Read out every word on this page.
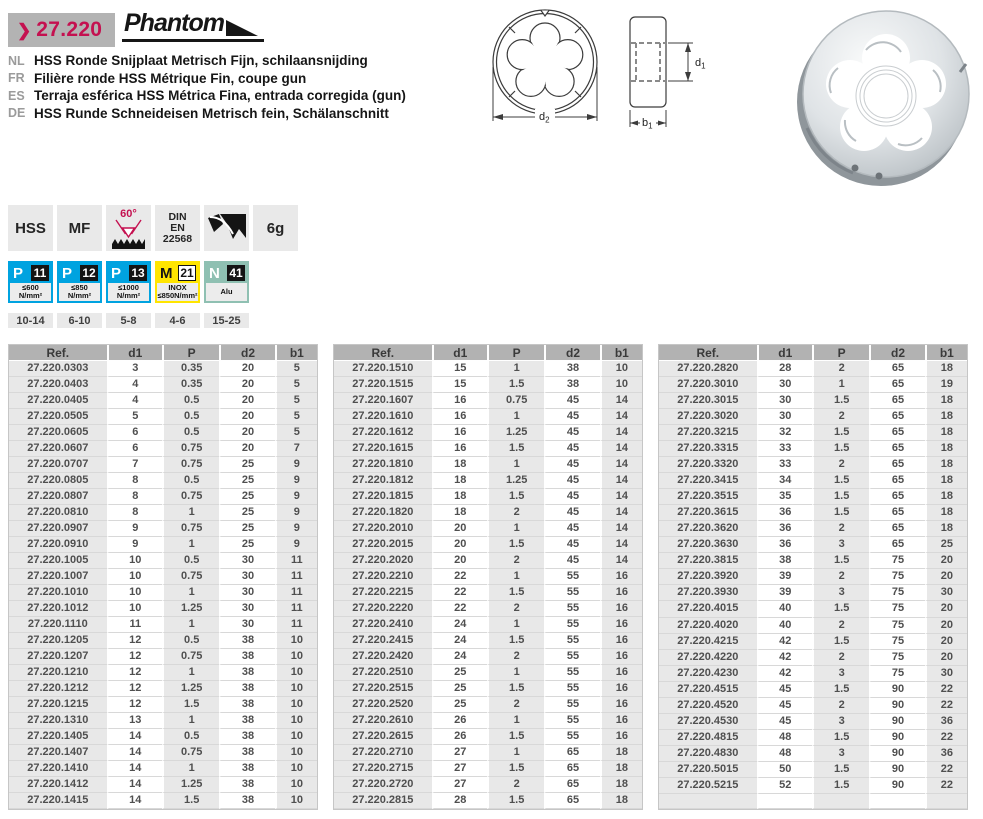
❯ 27.220 Phantom
NL HSS Ronde Snijplaat Metrisch Fijn, schilaansnijding
FR Filière ronde HSS Métrique Fin, coupe gun
ES Terraja esférica HSS Métrica Fina, entrada corregida (gun)
DE HSS Runde Schneideisen Metrisch fein, Schälanschnitt	$d_2$
$d_1$
$b_1$
HSS	MF
60°	DIN
EN
22568
6g
P 11
≤600 N/mm²
P 12
≤850 N/mm²
P 13
≤1000 N/mm²
M 21
INOX ≤850N/mm²
N 41
Alu
10-14	6-10	5-8	4-6	15-25
Ref.	d1	P	d2	b1
27.220.0303	3	0.35	20	5
27.220.0403	4	0.35	20	5
27.220.0405	4	0.5	20	5
27.220.0505	5	0.5	20	5
27.220.0605	6	0.5	20	5
27.220.0607	6	0.75	20	7
27.220.0707	7	0.75	25	9
27.220.0805	8	0.5	25	9
27.220.0807	8	0.75	25	9
27.220.0810	8	1	25	9
27.220.0907	9	0.75	25	9
27.220.0910	9	1	25	9
27.220.1005	10	0.5	30	11
27.220.1007	10	0.75	30	11
27.220.1010	10	1	30	11
27.220.1012	10	1.25	30	11
27.220.1110	11	1	30	11
27.220.1205	12	0.5	38	10
27.220.1207	12	0.75	38	10
27.220.1210	12	1	38	10
27.220.1212	12	1.25	38	10
27.220.1215	12	1.5	38	10
27.220.1310	13	1	38	10
27.220.1405	14	0.5	38	10
27.220.1407	14	0.75	38	10
27.220.1410	14	1	38	10
27.220.1412	14	1.25	38	10
27.220.1415	14	1.5	38	10
Ref.	d1	P	d2	b1
27.220.1510	15	1	38	10
27.220.1515	15	1.5	38	10
27.220.1607	16	0.75	45	14
27.220.1610	16	1	45	14
27.220.1612	16	1.25	45	14
27.220.1615	16	1.5	45	14
27.220.1810	18	1	45	14
27.220.1812	18	1.25	45	14
27.220.1815	18	1.5	45	14
27.220.1820	18	2	45	14
27.220.2010	20	1	45	14
27.220.2015	20	1.5	45	14
27.220.2020	20	2	45	14
27.220.2210	22	1	55	16
27.220.2215	22	1.5	55	16
27.220.2220	22	2	55	16
27.220.2410	24	1	55	16
27.220.2415	24	1.5	55	16
27.220.2420	24	2	55	16
27.220.2510	25	1	55	16
27.220.2515	25	1.5	55	16
27.220.2520	25	2	55	16
27.220.2610	26	1	55	16
27.220.2615	26	1.5	55	16
27.220.2710	27	1	65	18
27.220.2715	27	1.5	65	18
27.220.2720	27	2	65	18
27.220.2815	28	1.5	65	18
Ref.	d1	P	d2	b1
27.220.2820	28	2	65	18
27.220.3010	30	1	65	19
27.220.3015	30	1.5	65	18
27.220.3020	30	2	65	18
27.220.3215	32	1.5	65	18
27.220.3315	33	1.5	65	18
27.220.3320	33	2	65	18
27.220.3415	34	1.5	65	18
27.220.3515	35	1.5	65	18
27.220.3615	36	1.5	65	18
27.220.3620	36	2	65	18
27.220.3630	36	3	65	25
27.220.3815	38	1.5	75	20
27.220.3920	39	2	75	20
27.220.3930	39	3	75	30
27.220.4015	40	1.5	75	20
27.220.4020	40	2	75	20
27.220.4215	42	1.5	75	20
27.220.4220	42	2	75	20
27.220.4230	42	3	75	30
27.220.4515	45	1.5	90	22
27.220.4520	45	2	90	22
27.220.4530	45	3	90	36
27.220.4815	48	1.5	90	22
27.220.4830	48	3	90	36
27.220.5015	50	1.5	90	22
27.220.5215	52	1.5	90	22
